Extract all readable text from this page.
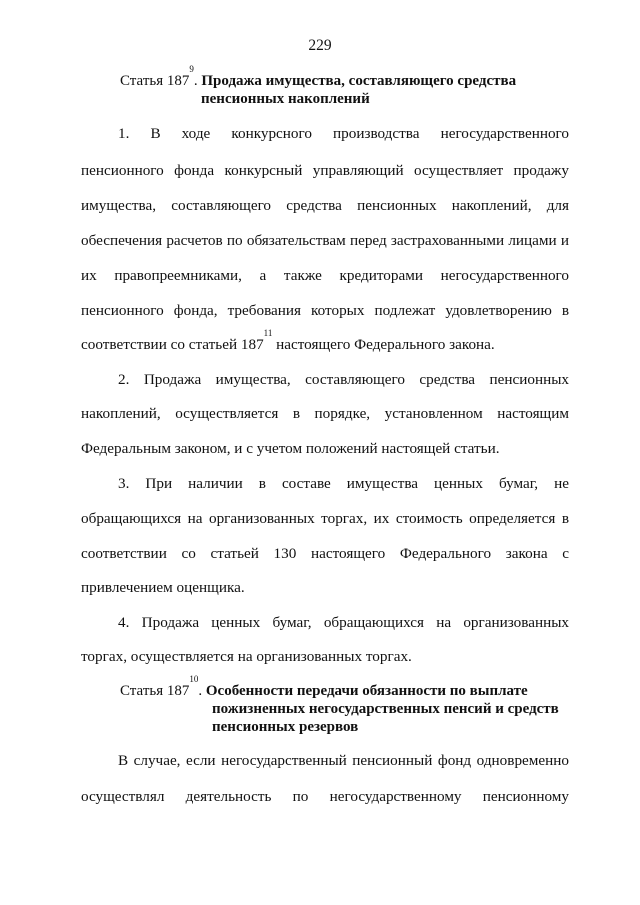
229
Статья $187^9$. Продажа имущества, составляющего средства
пенсионных накоплений
1. В ходе конкурсного производства негосударственного
пенсионного фонда конкурсный управляющий осуществляет продажу
имущества, составляющего средства пенсионных накоплений, для
обеспечения расчетов по обязательствам перед застрахованными лицами и
их правопреемниками, а также кредиторами негосударственного
пенсионного фонда, требования которых подлежат удовлетворению в
соответствии со статьей $187^{11}$ настоящего Федерального закона.
2. Продажа имущества, составляющего средства пенсионных
накоплений, осуществляется в порядке, установленном настоящим
Федеральным законом, и с учетом положений настоящей статьи.
3. При наличии в составе имущества ценных бумаг, не
обращающихся на организованных торгах, их стоимость определяется в
соответствии со статьей 130 настоящего Федерального закона с
привлечением оценщика.
4. Продажа ценных бумаг, обращающихся на организованных
торгах, осуществляется на организованных торгах.
Статья $187^{10}$. Особенности передачи обязанности по выплате
пожизненных негосударственных пенсий и средств
пенсионных резервов
В случае, если негосударственный пенсионный фонд одновременно
осуществлял деятельность по негосударственному пенсионному
